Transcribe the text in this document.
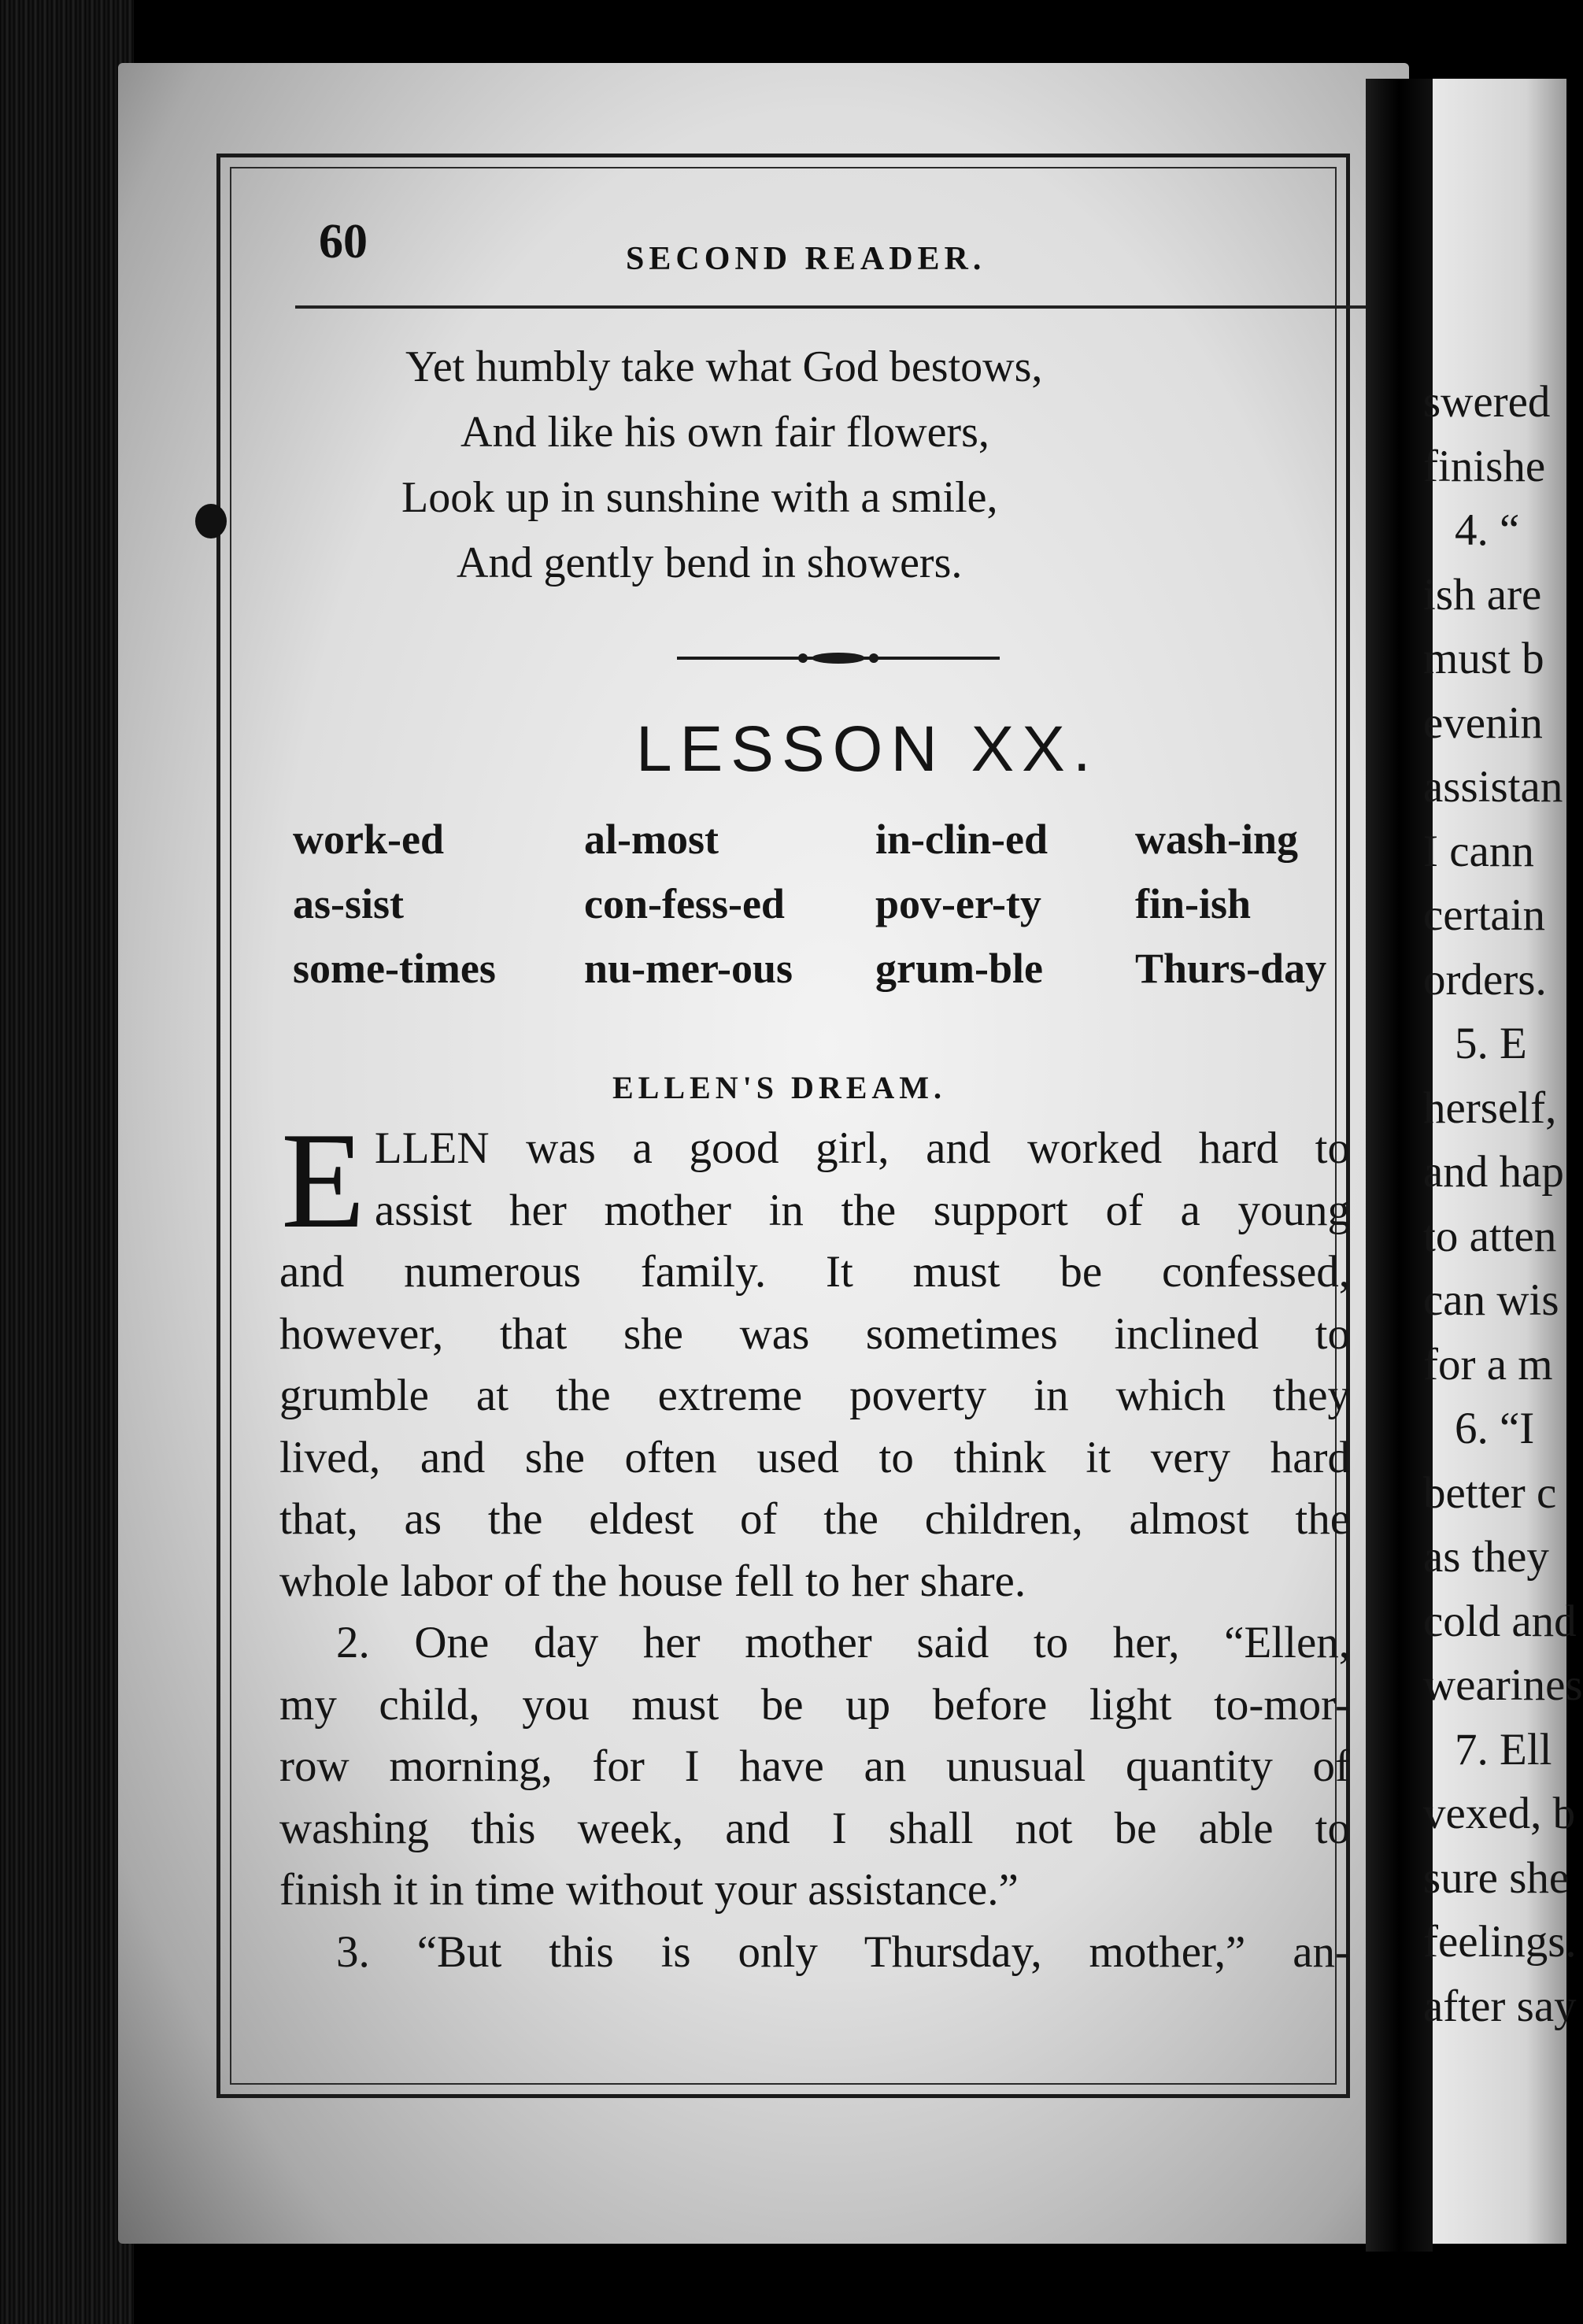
60	SECOND READER.
Yet humbly take what God bestows,
And like his own fair flowers,
Look up in sunshine with a smile,
And gently bend in showers.
LESSON XX.
work-ed	al-most	in-clin-ed	wash-ing
as-sist	con-fess-ed	pov-er-ty	fin-ish
some-times	nu-mer-ous	grum-ble	Thurs-day
ELLEN'S DREAM.
E LLEN was a good girl, and worked hard to
assist her mother in the support of a young
and numerous family. It must be confessed,
however, that she was sometimes inclined to
grumble at the extreme poverty in which they
lived, and she often used to think it very hard
that, as the eldest of the children, almost the
whole labor of the house fell to her share.
2. One day her mother said to her, “Ellen,
my child, you must be up before light to-mor-
row morning, for I have an unusual quantity of
washing this week, and I shall not be able to
finish it in time without your assistance.”
3. “But this is only Thursday, mother,” an-
swered
finishe
4. “
ish are
must b
evenin
assistan
I cann
certain
orders.
5. E
herself,
and hap
to atten
can wis
for a m
6. “I
better c
as they
cold and
wearines
7. Ell
vexed, b
sure she
feelings.
after say
